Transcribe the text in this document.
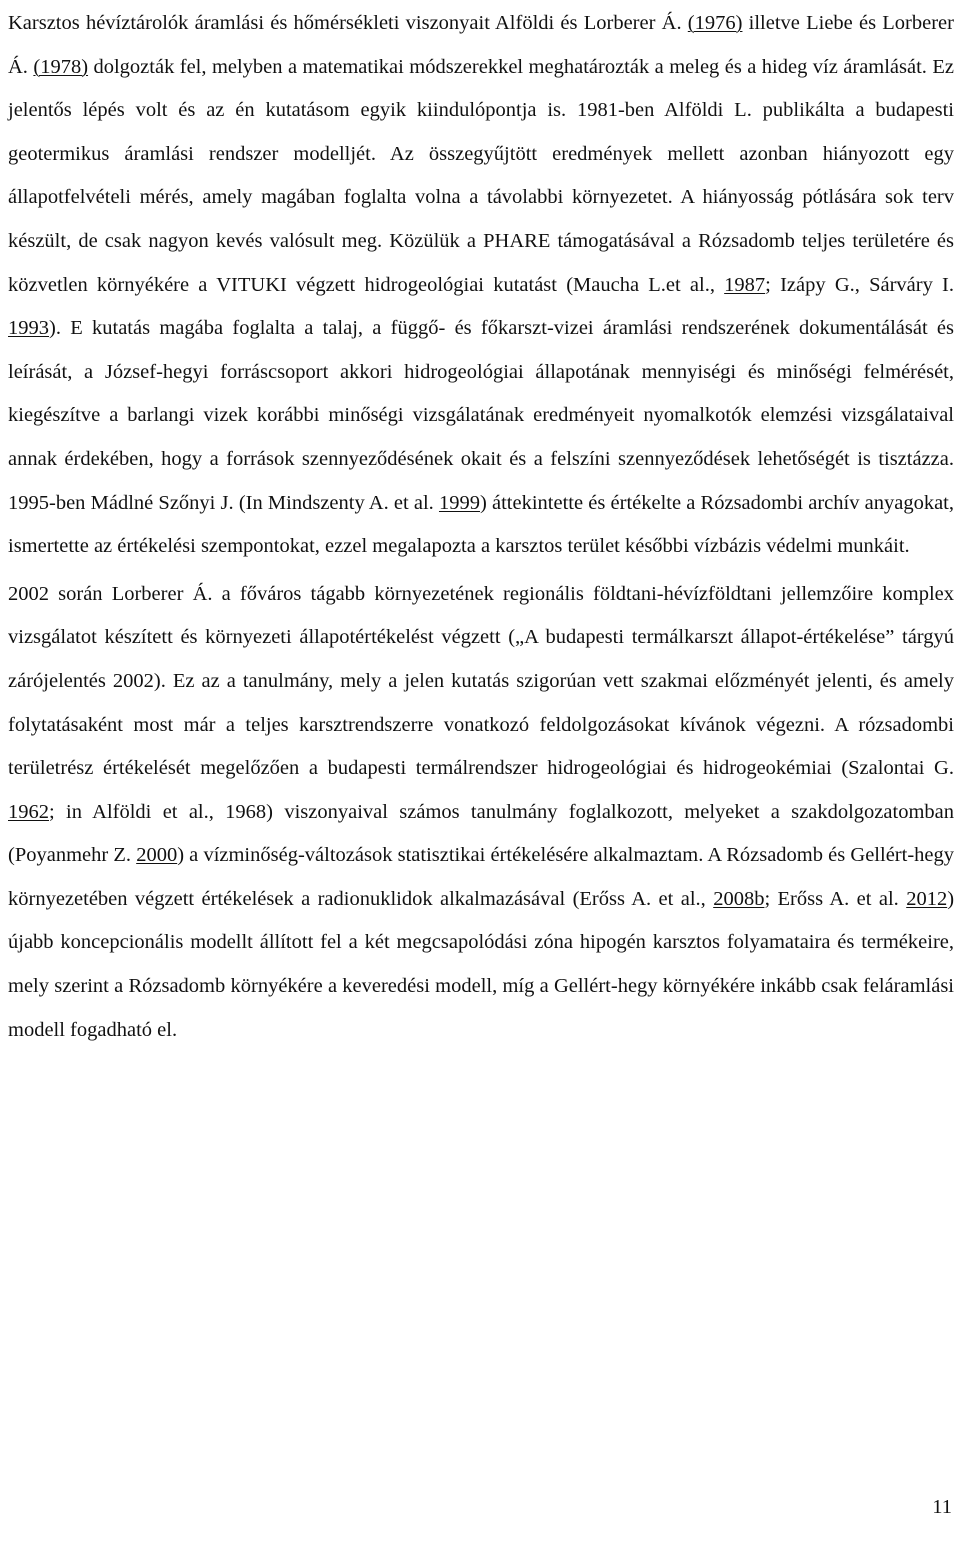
Karsztos hévíztárolók áramlási és hőmérsékleti viszonyait Alföldi és Lorberer Á. (1976) illetve Liebe és Lorberer Á. (1978) dolgozták fel, melyben a matematikai módszerekkel meghatározták a meleg és a hideg víz áramlását. Ez jelentős lépés volt és az én kutatásom egyik kiindulópontja is. 1981-ben Alföldi L. publikálta a budapesti geotermikus áramlási rendszer modelljét. Az összegyűjtött eredmények mellett azonban hiányozott egy állapotfelvételi mérés, amely magában foglalta volna a távolabbi környezetet. A hiányosság pótlására sok terv készült, de csak nagyon kevés valósult meg. Közülük a PHARE támogatásával a Rózsadomb teljes területére és közvetlen környékére a VITUKI végzett hidrogeológiai kutatást (Maucha L.et al., 1987; Izápy G., Sárváry I. 1993). E kutatás magába foglalta a talaj, a függő- és főkarszt-vizei áramlási rendszerének dokumentálását és leírását, a József-hegyi forráscsoport akkori hidrogeológiai állapotának mennyiségi és minőségi felmérését, kiegészítve a barlangi vizek korábbi minőségi vizsgálatának eredményeit nyomalkotók elemzési vizsgálataival annak érdekében, hogy a források szennyeződésének okait és a felszíni szennyeződések lehetőségét is tisztázza. 1995-ben Mádlné Szőnyi J. (In Mindszenty A. et al. 1999) áttekintette és értékelte a Rózsadombi archív anyagokat, ismertette az értékelési szempontokat, ezzel megalapozta a karsztos terület későbbi vízbázis védelmi munkáit.

2002 során Lorberer Á. a főváros tágabb környezetének regionális földtani-hévízföldtani jellemzőire komplex vizsgálatot készített és környezeti állapotértékelést végzett („A budapesti termálkarszt állapot-értékelése” tárgyú zárójelentés 2002). Ez az a tanulmány, mely a jelen kutatás szigorúan vett szakmai előzményét jelenti, és amely folytatásaként most már a teljes karsztrendszerre vonatkozó feldolgozásokat kívánok végezni. A rózsadombi területrész értékelését megelőzően a budapesti termálrendszer hidrogeológiai és hidrogeokémiai (Szalontai G. 1962; in Alföldi et al., 1968) viszonyaival számos tanulmány foglalkozott, melyeket a szakdolgozatomban (Poyanmehr Z. 2000) a vízminőség-változások statisztikai értékelésére alkalmaztam. A Rózsadomb és Gellért-hegy környezetében végzett értékelések a radionuklidok alkalmazásával (Erőss A. et al., 2008b; Erőss A. et al. 2012) újabb koncepcionális modellt állított fel a két megcsapolódási zóna hipogén karsztos folyamataira és termékeire, mely szerint a Rózsadomb környékére a keveredési modell, míg a Gellért-hegy környékére inkább csak feláramlási modell fogadható el.

11
